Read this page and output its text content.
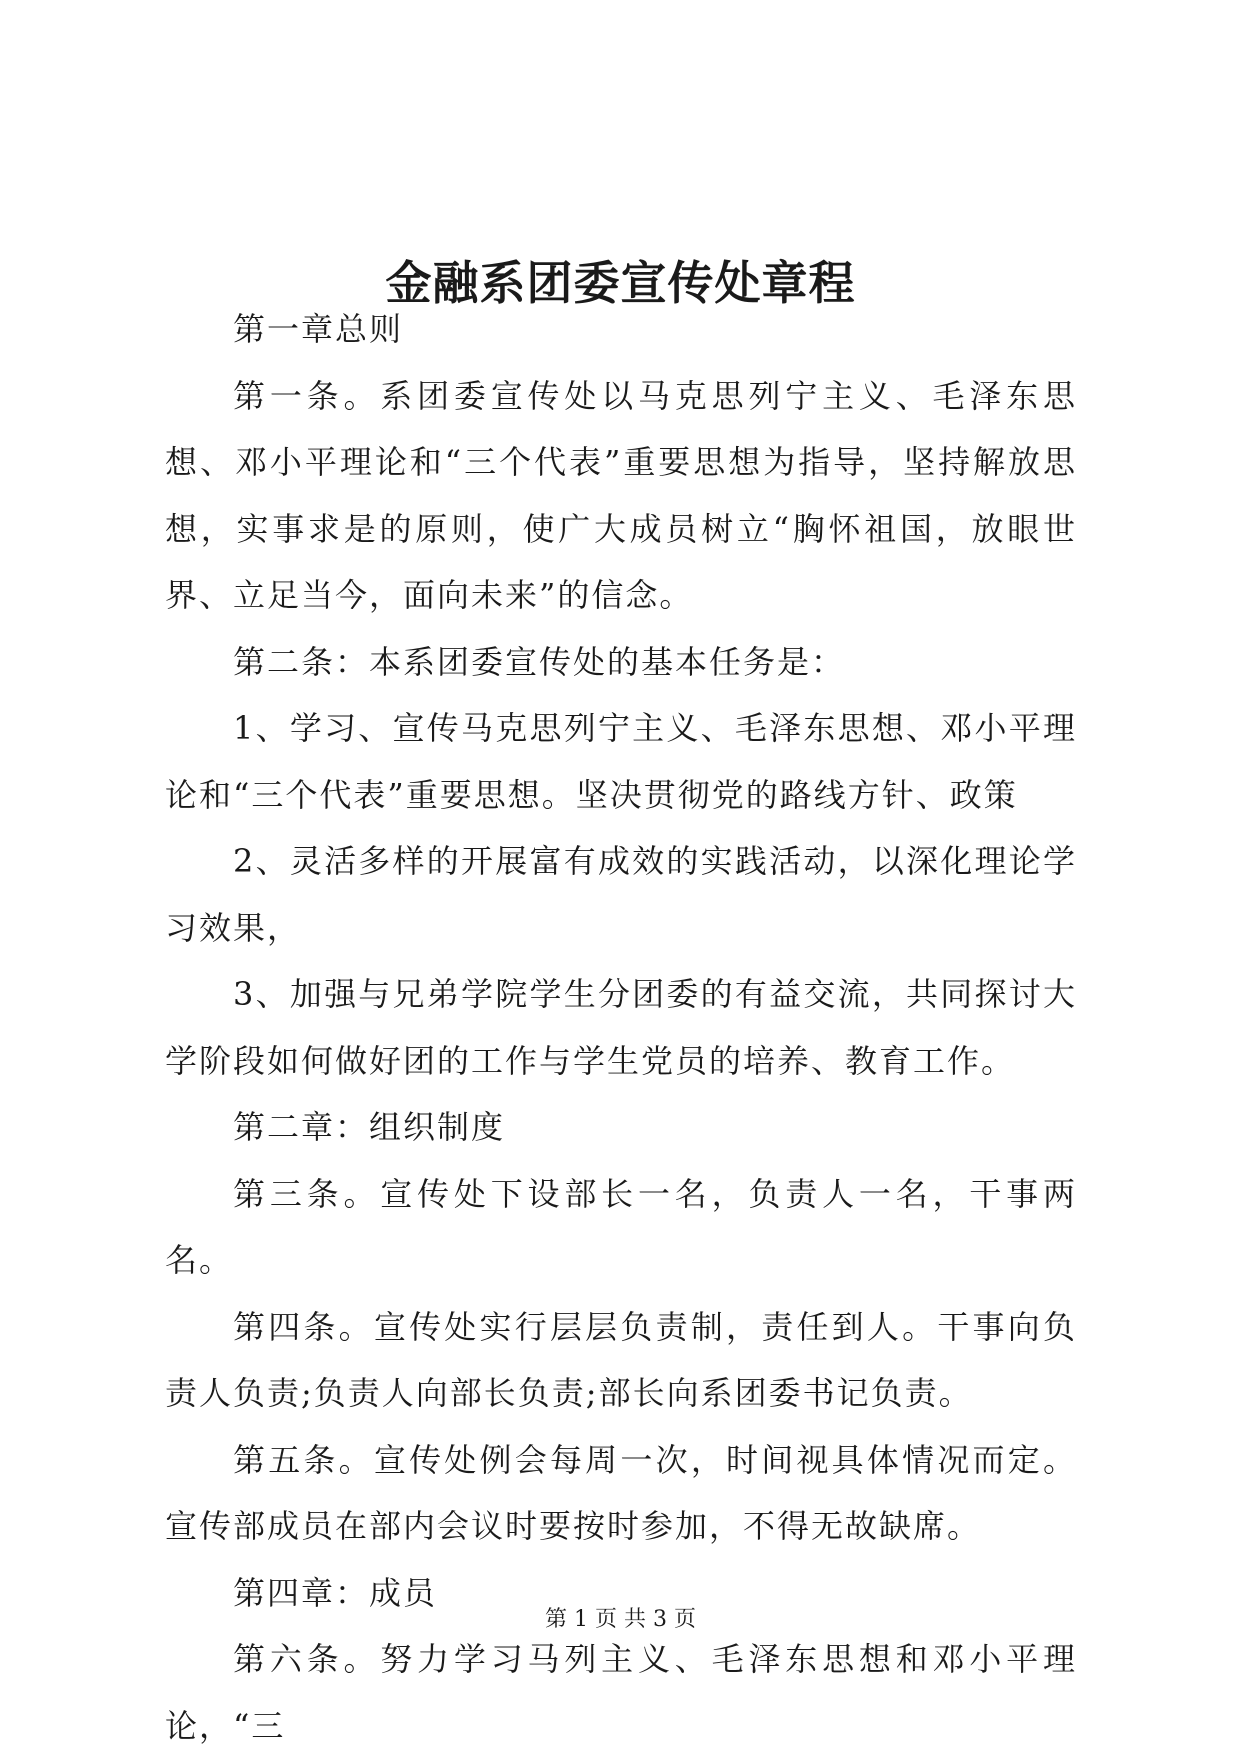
金融系团委宣传处章程

第一章总则

第一条。系团委宣传处以马克思列宁主义、毛泽东思想、邓小平理论和“三个代表”重要思想为指导，坚持解放思想，实事求是的原则，使广大成员树立“胸怀祖国，放眼世界、立足当今，面向未来”的信念。

第二条：本系团委宣传处的基本任务是：

1、学习、宣传马克思列宁主义、毛泽东思想、邓小平理论和“三个代表”重要思想。坚决贯彻党的路线方针、政策

2、灵活多样的开展富有成效的实践活动，以深化理论学习效果，

3、加强与兄弟学院学生分团委的有益交流，共同探讨大学阶段如何做好团的工作与学生党员的培养、教育工作。

第二章：组织制度

第三条。宣传处下设部长一名，负责人一名，干事两名。

第四条。宣传处实行层层负责制，责任到人。干事向负责人负责;负责人向部长负责;部长向系团委书记负责。

第五条。宣传处例会每周一次，时间视具体情况而定。宣传部成员在部内会议时要按时参加，不得无故缺席。

第四章：成员

第六条。努力学习马列主义、毛泽东思想和邓小平理论，“三

第 1 页 共 3 页
